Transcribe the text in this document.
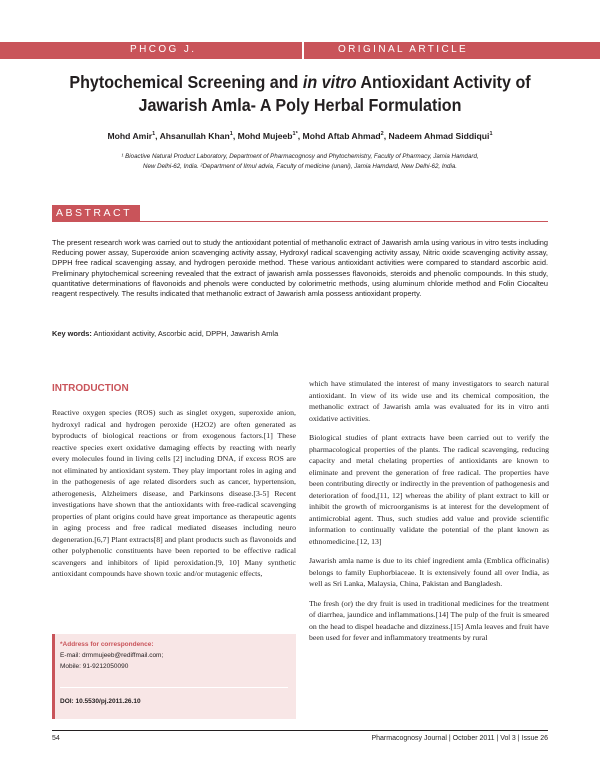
PHCOG J.	ORIGINAL ARTICLE
Phytochemical Screening and in vitro Antioxidant Activity of Jawarish Amla- A Poly Herbal Formulation
Mohd Amir$^1$, Ahsanullah Khan$^1$, Mohd Mujeeb$^{1*}$, Mohd Aftab Ahmad$^2$, Nadeem Ahmad Siddiqui$^1$
¹ Bioactive Natural Product Laboratory, Department of Pharmacognosy and Phytochemistry, Faculty of Pharmacy, Jamia Hamdard,
New Delhi-62, India. ²Department of Ilmul advia, Faculty of medicine (unani), Jamia Hamdard, New Delhi-62, India.
ABSTRACT
The present research work was carried out to study the antioxidant potential of methanolic extract of Jawarish amla using various in vitro tests including Reducing power assay, Superoxide anion scavenging activity assay, Hydroxyl radical scavenging activity assay, Nitric oxide scavenging activity assay, DPPH free radical scavenging assay, and hydrogen peroxide method. These various antioxidant activities were compared to standard ascorbic acid. Preliminary phytochemical screening revealed that the extract of jawarish amla possesses flavonoids, steroids and phenolic compounds. In this study, quantitative determinations of flavonoids and phenols were conducted by colorimetric methods, using aluminum chloride method and Folin Ciocalteu reagent respectively. The results indicated that methanolic extract of Jawarish amla possess antioxidant property.
Key words: Antioxidant activity, Ascorbic acid, DPPH, Jawarish Amla
INTRODUCTION

Reactive oxygen species (ROS) such as singlet oxygen, superoxide anion, hydroxyl radical and hydrogen peroxide (H2O2) are often generated as byproducts of biological reactions or from exogenous factors.[1] These reactive species exert oxidative damaging effects by reacting with nearly every molecules found in living cells [2] including DNA, if excess ROS are not eliminated by antioxidant system. They play important roles in aging and in the pathogenesis of age related disorders such as cancer, hypertension, atherogenesis, Alzheimers disease, and Parkinsons disease.[3-5] Recent investigations have shown that the antioxidants with free-radical scavenging properties of plant origins could have great importance as therapeutic agents in aging process and free radical mediated diseases including neuro degeneration.[6,7] Plant extracts[8] and plant products such as flavonoids and other polyphenolic constituents have been reported to be effective radical scavengers and inhibitors of lipid peroxidation.[9, 10] Many synthetic antioxidant compounds have shown toxic and/or mutagenic effects,

which have stimulated the interest of many investigators to search natural antioxidant. In view of its wide use and its chemical composition, the methanolic extract of Jawarish amla was evaluated for its in vitro anti oxidative activities.

Biological studies of plant extracts have been carried out to verify the pharmacological properties of the plants. The radical scavenging, reducing capacity and metal chelating properties of antioxidants are known to eliminate and prevent the generation of free radical. The properties have been contributing directly or indirectly in the prevention of pathogenesis and deterioration of food,[11, 12] whereas the ability of plant extract to kill or inhibit the growth of microorganisms is at interest for the development of antimicrobial agent. Thus, such studies add value and provide scientific information to continually validate the potential of the plant known as ethnomedicine.[12, 13]

Jawarish amla name is due to its chief ingredient amla (Emblica officinalis) belongs to family Euphorbiaceae. It is extensively found all over India, as well as Sri Lanka, Malaysia, China, Pakistan and Bangladesh.

The fresh (or) the dry fruit is used in traditional medicines for the treatment of diarrhea, jaundice and inflammations.[14] The pulp of the fruit is smeared on the head to dispel headache and dizziness.[15] Amla leaves and fruit have been used for fever and inflammatory treatments by rural

*Address for correspondence:
E-mail: drmmujeeb@rediffmail.com;
Mobile: 91-9212050090
DOI: 10.5530/pj.2011.26.10
54	Pharmacognosy Journal | October 2011 | Vol 3 | Issue 26
